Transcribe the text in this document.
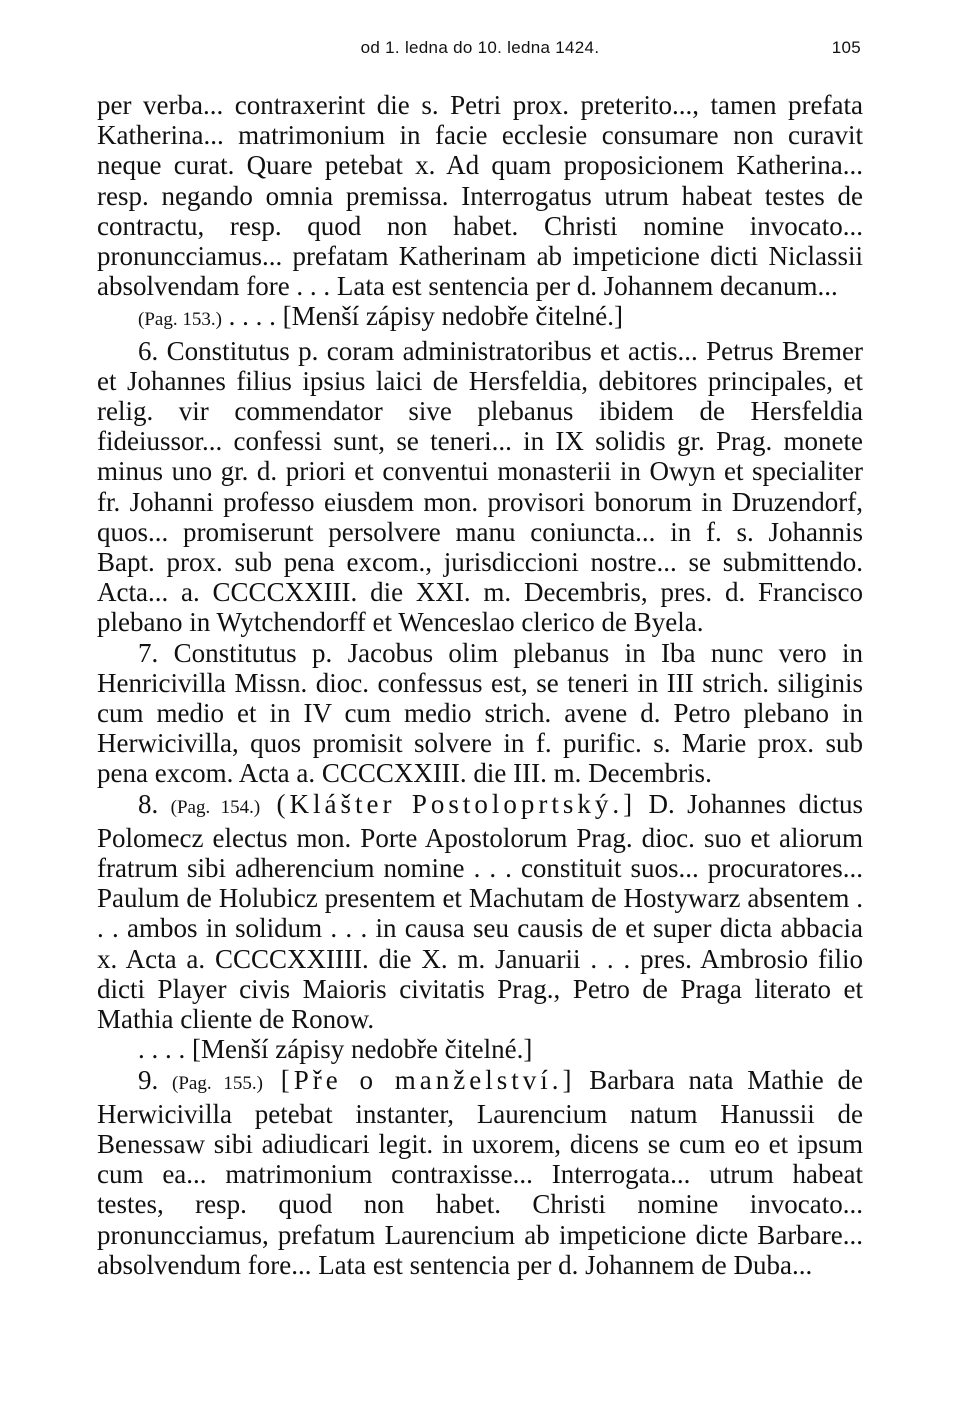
od 1. ledna do 10. ledna 1424.	105

per verba... contraxerint die s. Petri prox. preterito..., tamen prefata Katherina... matrimonium in facie ecclesie consumare non curavit neque curat. Quare petebat x. Ad quam proposicionem Katherina... resp. negando omnia premissa. Interrogatus utrum habeat testes de contractu, resp. quod non habet. Christi nomine invocato... pronuncciamus... prefatam Katherinam ab impeticione dicti Niclassii absolvendam fore . . . Lata est sentencia per d. Johannem decanum...

(Pag. 153.) . . . . [Menší zápisy nedobře čitelné.]

6. Constitutus p. coram administratoribus et actis... Petrus Bremer et Johannes filius ipsius laici de Hersfeldia, debitores principales, et relig. vir commendator sive plebanus ibidem de Hersfeldia fideiussor... confessi sunt, se teneri... in IX solidis gr. Prag. monete minus uno gr. d. priori et conventui monasterii in Owyn et specialiter fr. Johanni professo eiusdem mon. provisori bonorum in Druzendorf, quos... promiserunt persolvere manu coniuncta... in f. s. Johannis Bapt. prox. sub pena excom., jurisdiccioni nostre... se submittendo. Acta... a. CCCCXXIII. die XXI. m. Decembris, pres. d. Francisco plebano in Wytchendorff et Wenceslao clerico de Byela.

7. Constitutus p. Jacobus olim plebanus in Iba nunc vero in Henricivilla Missn. dioc. confessus est, se teneri in III strich. siliginis cum medio et in IV cum medio strich. avene d. Petro plebano in Herwicivilla, quos promisit solvere in f. purific. s. Marie prox. sub pena excom. Acta a. CCCCXXIII. die III. m. Decembris.

8. (Pag. 154.) (Klášter Postoloprtský.] D. Johannes dictus Polomecz electus mon. Porte Apostolorum Prag. dioc. suo et aliorum fratrum sibi adherencium nomine . . . constituit suos... procuratores... Paulum de Holubicz presentem et Machutam de Hostywarz absentem . . . ambos in solidum . . . in causa seu causis de et super dicta abbacia x. Acta a. CCCCXXIIII. die X. m. Januarii . . . pres. Ambrosio filio dicti Player civis Maioris civitatis Prag., Petro de Praga literato et Mathia cliente de Ronow.

. . . . [Menší zápisy nedobře čitelné.]

9. (Pag. 155.) [Pře o manželství.] Barbara nata Mathie de Herwicivilla petebat instanter, Laurencium natum Hanussii de Benessaw sibi adiudicari legit. in uxorem, dicens se cum eo et ipsum cum ea... matrimonium contraxisse... Interrogata... utrum habeat testes, resp. quod non habet. Christi nomine invocato... pronuncciamus, prefatum Laurencium ab impeticione dicte Barbare... absolvendum fore... Lata est sentencia per d. Johannem de Duba...
